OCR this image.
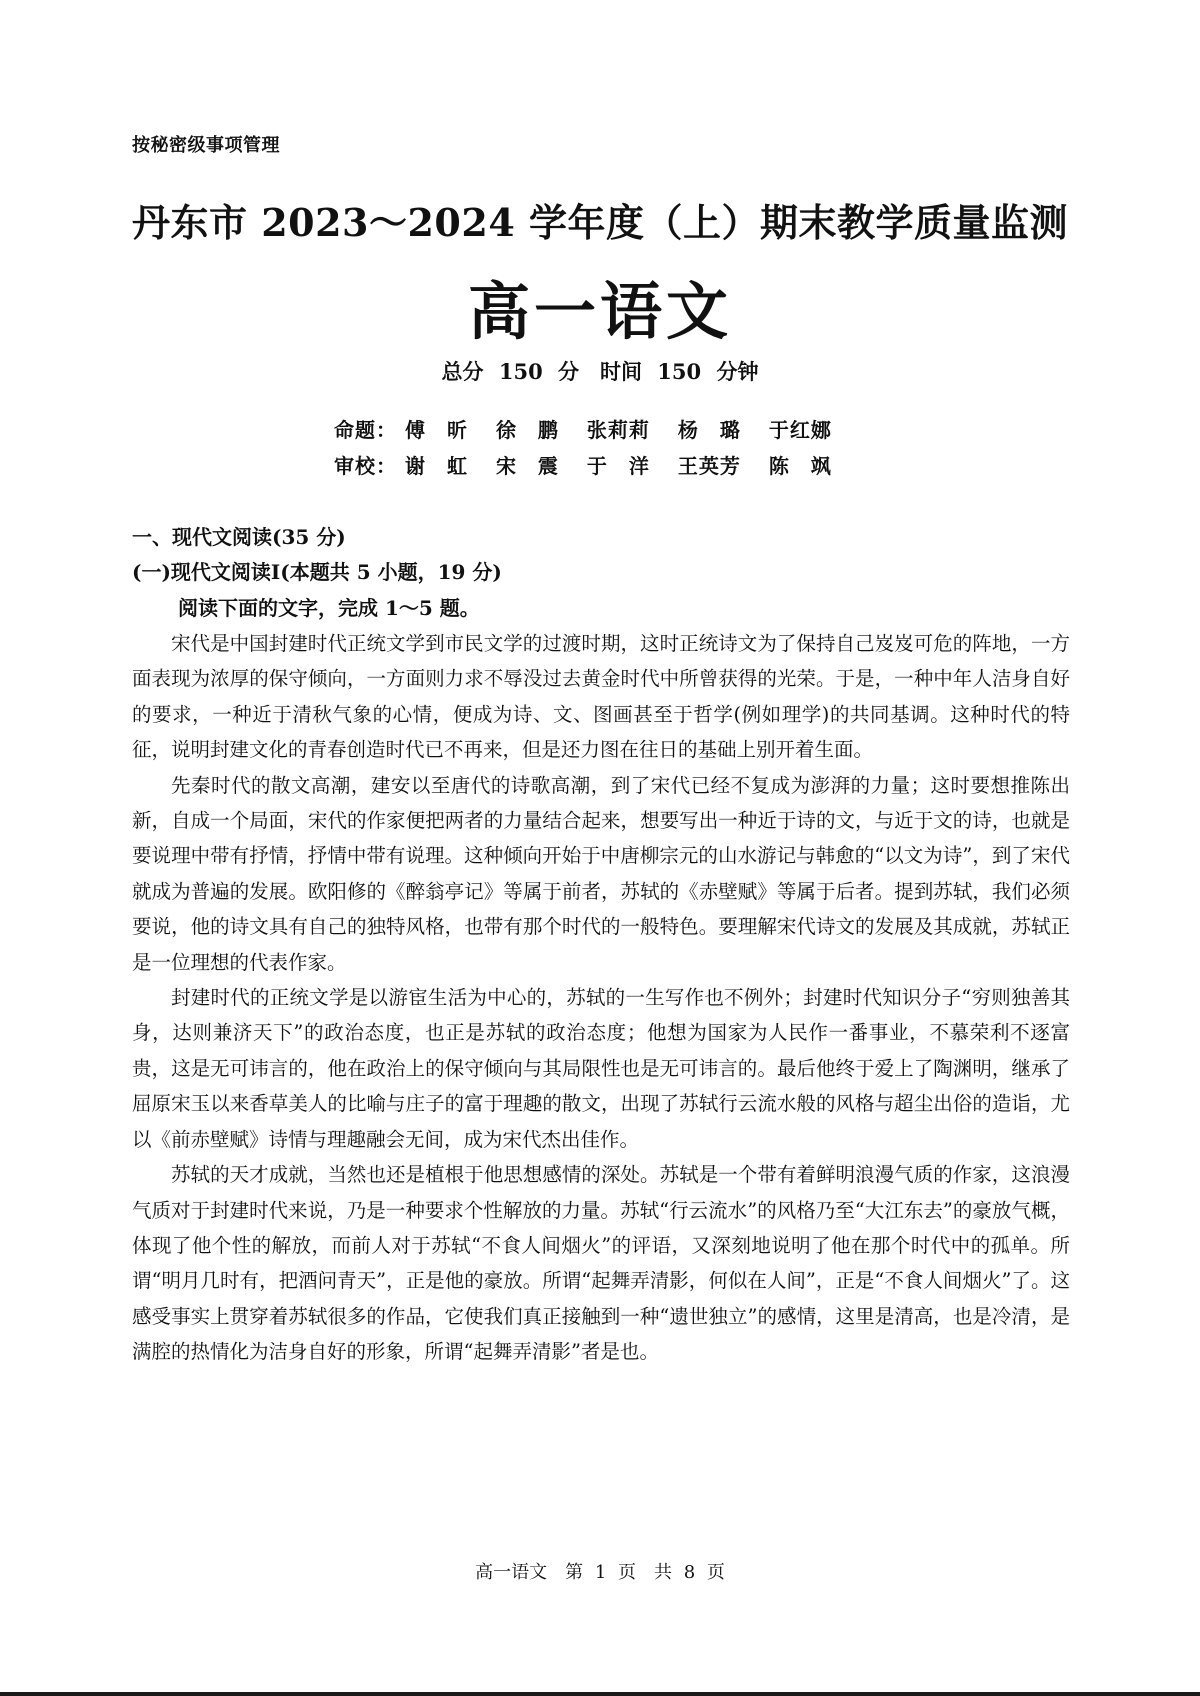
按秘密级事项管理
丹东市 2023～2024 学年度（上）期末教学质量监测
高一语文
总分 150 分　时间 150 分钟
命题： 傅　昕 徐　鹏 张莉莉 杨　璐 于红娜
审校： 谢　虹 宋　震 于　洋 王英芳 陈　飒
一、现代文阅读(35 分)
(一)现代文阅读Ⅰ(本题共 5 小题，19 分)
阅读下面的文字，完成 1～5 题。

宋代是中国封建时代正统文学到市民文学的过渡时期，这时正统诗文为了保持自己岌岌可危的阵地，一方面表现为浓厚的保守倾向，一方面则力求不辱没过去黄金时代中所曾获得的光荣。于是，一种中年人洁身自好的要求，一种近于清秋气象的心情，便成为诗、文、图画甚至于哲学(例如理学)的共同基调。这种时代的特征，说明封建文化的青春创造时代已不再来，但是还力图在往日的基础上别开着生面。

先秦时代的散文高潮，建安以至唐代的诗歌高潮，到了宋代已经不复成为澎湃的力量；这时要想推陈出新，自成一个局面，宋代的作家便把两者的力量结合起来，想要写出一种近于诗的文，与近于文的诗，也就是要说理中带有抒情，抒情中带有说理。这种倾向开始于中唐柳宗元的山水游记与韩愈的“以文为诗”，到了宋代就成为普遍的发展。欧阳修的《醉翁亭记》等属于前者，苏轼的《赤壁赋》等属于后者。提到苏轼，我们必须要说，他的诗文具有自己的独特风格，也带有那个时代的一般特色。要理解宋代诗文的发展及其成就，苏轼正是一位理想的代表作家。

封建时代的正统文学是以游宦生活为中心的，苏轼的一生写作也不例外；封建时代知识分子“穷则独善其身，达则兼济天下”的政治态度，也正是苏轼的政治态度；他想为国家为人民作一番事业，不慕荣利不逐富贵，这是无可讳言的，他在政治上的保守倾向与其局限性也是无可讳言的。最后他终于爱上了陶渊明，继承了屈原宋玉以来香草美人的比喻与庄子的富于理趣的散文，出现了苏轼行云流水般的风格与超尘出俗的造诣，尤以《前赤壁赋》诗情与理趣融会无间，成为宋代杰出佳作。

苏轼的天才成就，当然也还是植根于他思想感情的深处。苏轼是一个带有着鲜明浪漫气质的作家，这浪漫气质对于封建时代来说，乃是一种要求个性解放的力量。苏轼“行云流水”的风格乃至“大江东去”的豪放气概，体现了他个性的解放，而前人对于苏轼“不食人间烟火”的评语，又深刻地说明了他在那个时代中的孤单。所谓“明月几时有，把酒问青天”，正是他的豪放。所谓“起舞弄清影，何似在人间”，正是“不食人间烟火”了。这感受事实上贯穿着苏轼很多的作品，它使我们真正接触到一种“遗世独立”的感情，这里是清高，也是冷清，是满腔的热情化为洁身自好的形象，所谓“起舞弄清影”者是也。

高一语文　第 1 页　共 8 页
